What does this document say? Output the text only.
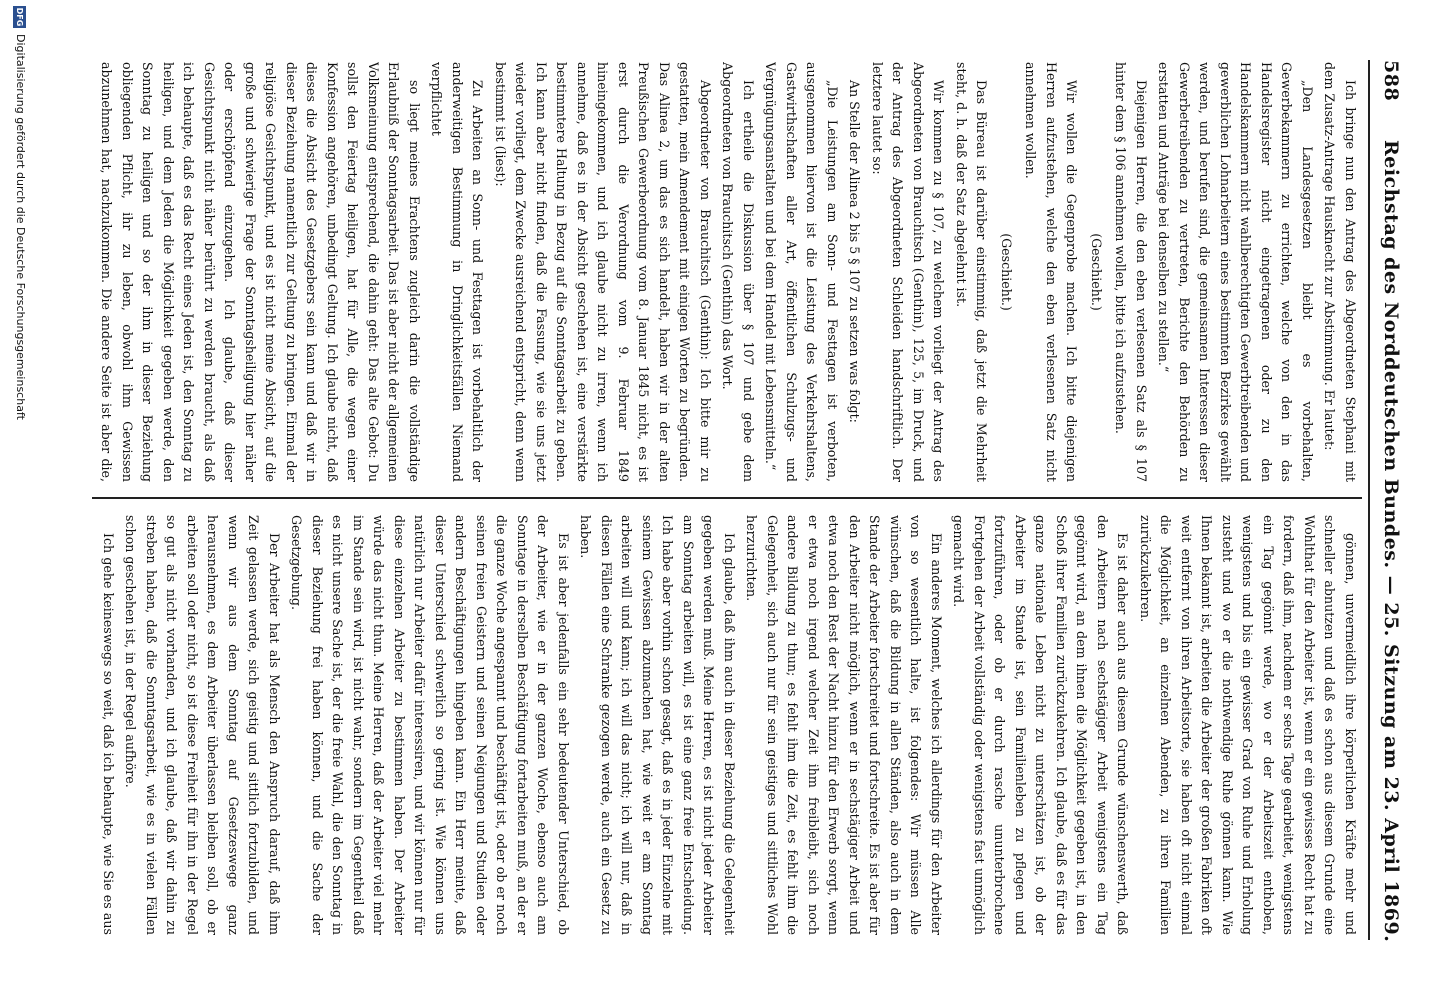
588
Reichstag des Norddeutschen Bundes. — 25. Sitzung am 23. April 1869.

Ich bringe nun den Antrag des Abgeordneten Stephani mit dem Zusatz-Antrage Hausknecht zur Abstimmung. Er lautet:

„Den Landesgesetzen bleibt es vorbehalten, Gewerbekammern zu errichten, welche von den in das Handelsregister nicht eingetragenen oder zu den Handelskammern nicht wahlberechtigten Gewerbtreibenden und gewerblichen Lohnarbeitern eines bestimmten Bezirkes gewählt werden, und berufen sind, die gemeinsamen Interessen dieser Gewerbetreibenden zu vertreten, Berichte den Behörden zu erstatten und Anträge bei denselben zu stellen.“

Diejenigen Herren, die den eben verlesenen Satz als § 107 hinter dem § 106 annehmen wollen, bitte ich aufzustehen.

(Geschieht.)

Wir wollen die Gegenprobe machen. Ich bitte diejenigen Herren aufzustehen, welche den eben verlesenen Satz nicht annehmen wollen.

(Geschieht.)

Das Büreau ist darüber einstimmig, daß jetzt die Mehrheit steht, d. h. daß der Satz abgelehnt ist.

Wir kommen zu § 107, zu welchem vorliegt der Antrag des Abgeordneten von Brauchitsch (Genthin), 125, 5, im Druck, und der Antrag des Abgeordneten Schleiden handschriftlich. Der letztere lautet so:

An Stelle der Alinea 2 bis 5 § 107 zu setzen was folgt:

„Die Leistungen am Sonn- und Festtagen ist verboten, ausgenommen hiervon ist die Leistung des Verkehrshaltens, Gastwirthschaften aller Art, öffentlichen Schulzugs- und Vergnügungsanstalten und bei dem Handel mit Lebensmitteln.“

Ich ertheile die Diskussion über § 107 und gebe dem Abgeordneten von Brauchitsch (Genthin) das Wort.

Abgeordneter von Brauchitsch (Genthin): Ich bitte mir zu gestatten, mein Amendement mit einigen Worten zu begründen. Das Alinea 2, um das es sich handelt, haben wir in der alten Preußischen Gewerbeordnung vom 8. Januar 1845 nicht, es ist erst durch die Verordnung vom 9. Februar 1849 hineingekommen, und ich glaube nicht zu irren, wenn ich annehme, daß es in der Absicht geschehen ist, eine verstärkte bestimmtere Haltung in Bezug auf die Sonntagsarbeit zu geben. Ich kann aber nicht finden, daß die Fassung, wie sie uns jetzt wieder vorliegt, dem Zwecke ausreichend entspricht, denn wenn bestimmt ist (liest):

Zu Arbeiten an Sonn- und Festtagen ist vorbehaltlich der anderweitigen Bestimmung in Dringlichkeitsfällen Niemand verpflichtet

so liegt meines Erachtens zugleich darin die vollständige Erlaubniß der Sonntagsarbeit. Das ist aber nicht der allgemeinen Volksmeinung entsprechend, die dahin geht: Das alte Gebot: Du sollst den Feiertag heiligen, hat für Alle, die wegen einer Konfession angehören, unbedingt Geltung. Ich glaube nicht, daß dieses die Absicht des Gesetzgebers sein kann und daß wir in dieser Beziehung namentlich zur Geltung zu bringen. Einmal der religiöse Gesichtspunkt, und es ist nicht meine Absicht, auf die große und schwierige Frage der Sonntagsheiligung hier näher oder erschöpfend einzugehen. Ich glaube, daß dieser Gesichtspunkt nicht näher berührt zu werden braucht, als daß ich behaupte, daß es das Recht eines Jeden ist, den Sonntag zu heiligen, und dem Jeden die Möglichkeit gegeben werde, den Sonntag zu heiligen und so der ihm in dieser Beziehung obliegenden Pflicht, ihr zu leben, obwohl ihm Gewissen abzunehmen hat, nachzukommen. Die andere Seite ist aber die,

gönnen, unvermeidlich ihre körperlichen Kräfte mehr und schneller abnutzen und daß es schon aus diesem Grunde eine Wohlthat für den Arbeiter ist, wenn er ein gewisses Recht hat zu fordern, daß ihm, nachdem er sechs Tage gearbeitet, wenigstens ein Tag gegönnt werde, wo er der Arbeitszeit enthoben, wenigstens und bis ein gewisser Grad von Ruhe und Erholung zusteht und wo er die nothwendige Ruhe gönnen kann. Wie Ihnen bekannt ist, arbeiten die Arbeiter der großen Fabriken oft weit entfernt von ihren Arbeitsorte, sie haben oft nicht einmal die Möglichkeit, an einzelnen Abenden, zu ihren Familien zurückzukehren.

Es ist daher auch aus diesem Grunde wünschenswerth, daß den Arbeitern nach sechstägiger Arbeit wenigstens ein Tag gegönnt wird, an dem ihnen die Möglichkeit gegeben ist, in den Schoß ihrer Familien zurückzukehren. Ich glaube, daß es für das ganze nationale Leben nicht zu unterschätzen ist, ob der Arbeiter im Stande ist, sein Familienleben zu pflegen und fortzuführen, oder ob er durch rasche ununterbrochene Fortgehen der Arbeit vollständig oder wenigstens fast unmöglich gemacht wird.

Ein anderes Moment, welches ich allerdings für den Arbeiter von so wesentlich halte, ist folgendes: Wir müssen Alle wünschen, daß die Bildung in allen Ständen, also auch in dem Stande der Arbeiter fortschreitet und fortschreite. Es ist aber für den Arbeiter nicht möglich, wenn er in sechstägiger Arbeit und etwa noch den Rest der Nacht hinzu für den Erwerb sorgt, wenn er etwa noch irgend welcher Zeit ihm freibleibt, sich noch andere Bildung zu thun; es fehlt ihm die Zeit, es fehlt ihm die Gelegenheit, sich auch nur für sein geistiges und sittliches Wohl herzurichten.

Ich glaube, daß ihm auch in dieser Beziehung die Gelegenheit gegeben werden muß. Meine Herren, es ist nicht jeder Arbeiter am Sonntag arbeiten will, es ist eine ganz freie Entscheidung. Ich habe aber vorhin schon gesagt, daß es in jeder Einzelne mit seinem Gewissen abzumachen hat, wie weit er am Sonntag arbeiten will und kann; ich will das nicht; ich will nur, daß in diesen Fällen eine Schranke gezogen werde, auch ein Gesetz zu haben.

Es ist aber jedenfalls ein sehr bedeutender Unterschied, ob der Arbeiter, wie er in der ganzen Woche, ebenso auch am Sonntage in derselben Beschäftigung fortarbeiten muß, an der er die ganze Woche angespannt und beschäftigt ist, oder ob er noch seinen freien Geistern und seinen Neigungen und Studien oder andern Beschäftigungen hingeben kann. Ein Herr meinte, daß dieser Unterschied schwerlich so gering ist. Wie können uns natürlich nur Arbeiter dafür interessiren, und wir können nur für diese einzelnen Arbeiter zu bestimmen haben. Der Arbeiter würde das nicht thun. Meine Herren, daß der Arbeiter viel mehr im Stande sein wird, ist nicht wahr, sondern im Gegentheil daß es nicht unsere Sache ist, der die freie Wahl, die den Sonntag in dieser Beziehung frei haben können, und die Sache der Gesetzgebung.

Der Arbeiter hat als Mensch den Anspruch darauf, daß ihm Zeit gelassen werde, sich geistig und sittlich fortzubilden, und wenn wir aus dem Sonntag auf Gesetzeswege ganz herausnehmen, es dem Arbeiter überlassen bleiben soll, ob er arbeiten soll oder nicht, so ist diese Freiheit für ihn in der Regel so gut als nicht vorhanden, und ich glaube, daß wir dahin zu streben haben, daß die Sonntagsarbeit, wie es in vielen Fällen schon geschehen ist, in der Regel aufhöre.

Ich gehe keineswegs so weit, daß ich behaupte, wie Sie es aus

DFGDigitalisierung gefördert durch die Deutsche Forschungsgemeinschaft
